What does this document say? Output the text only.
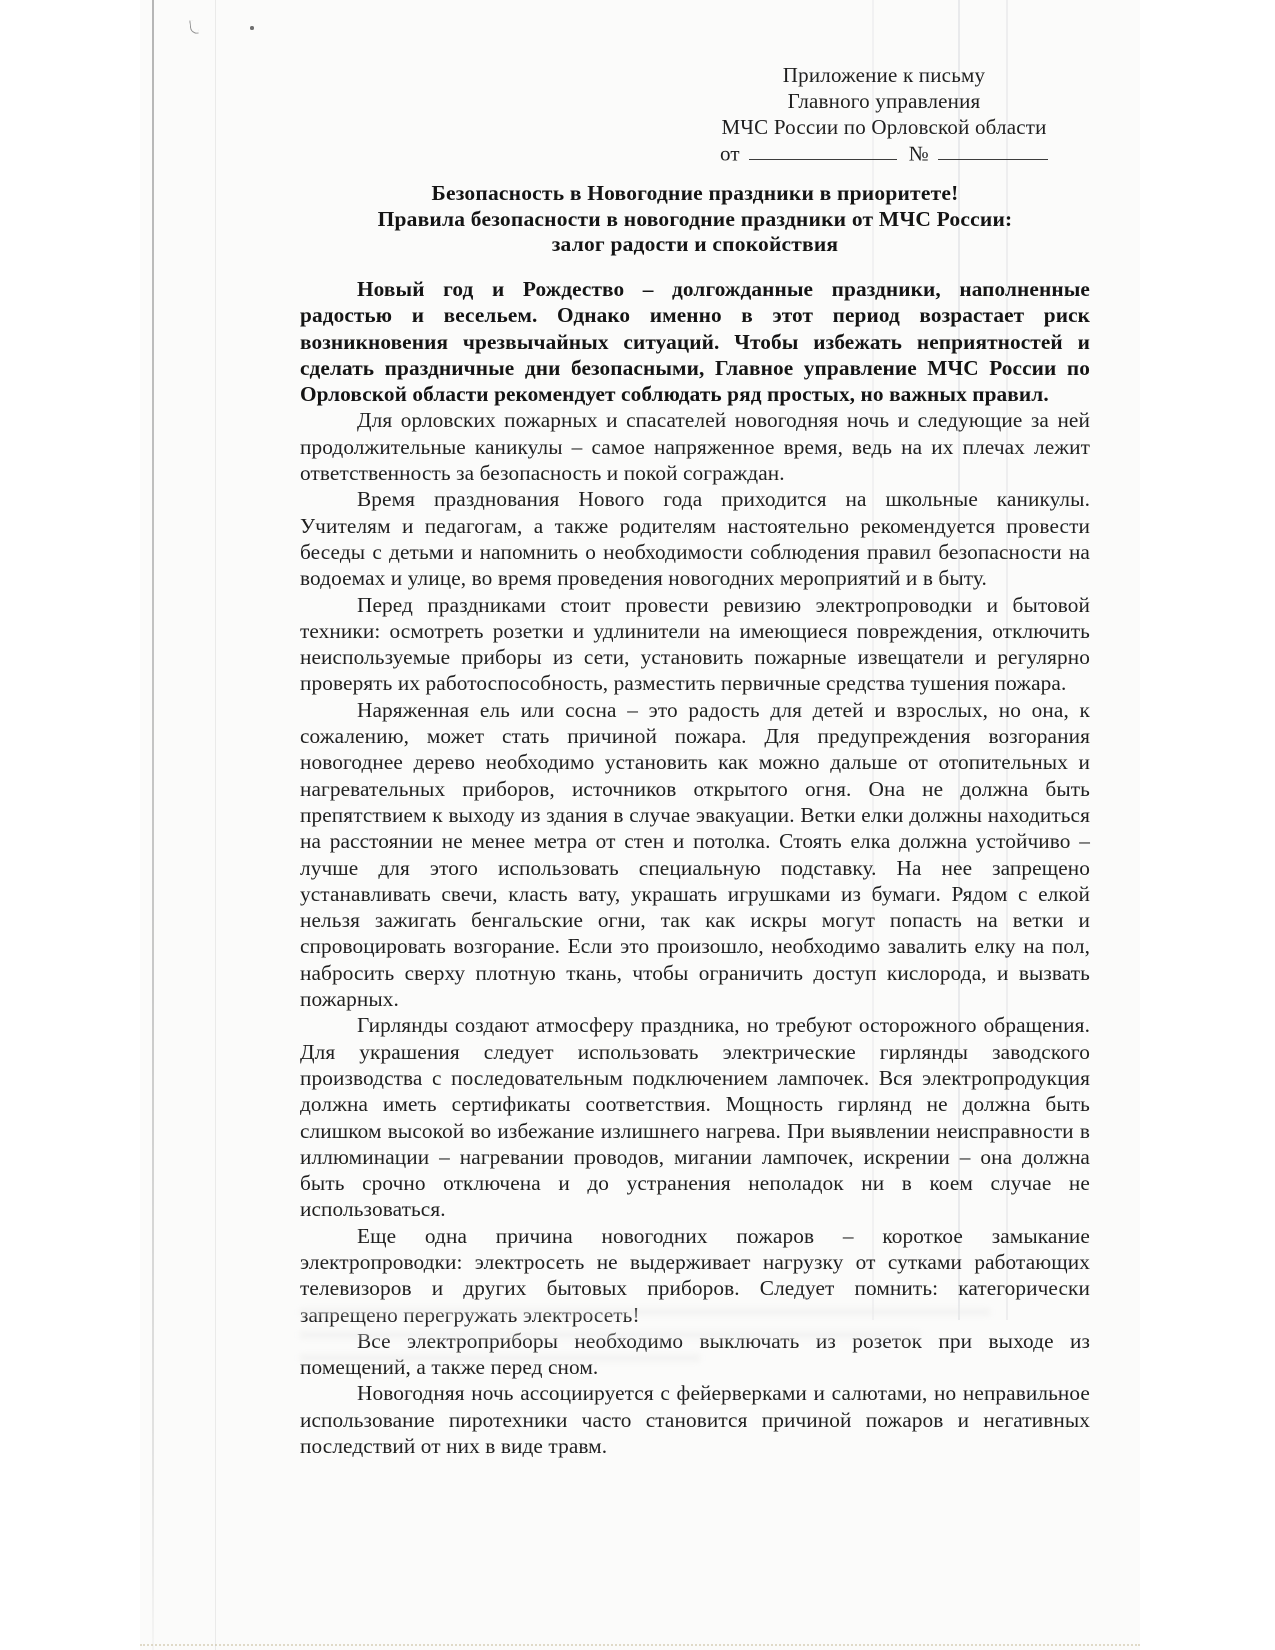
Приложение к письму
Главного управления
МЧС России по Орловской области
от	№
Безопасность в Новогодние праздники в приоритете!
Правила безопасности в новогодние праздники от МЧС России:
залог радости и спокойствия

Новый год и Рождество – долгожданные праздники, наполненные радостью и весельем. Однако именно в этот период возрастает риск возникновения чрезвычайных ситуаций. Чтобы избежать неприятностей и сделать праздничные дни безопасными, Главное управление МЧС России по Орловской области рекомендует соблюдать ряд простых, но важных правил.

Для орловских пожарных и спасателей новогодняя ночь и следующие за ней продолжительные каникулы – самое напряженное время, ведь на их плечах лежит ответственность за безопасность и покой сограждан.

Время празднования Нового года приходится на школьные каникулы. Учителям и педагогам, а также родителям настоятельно рекомендуется провести беседы с детьми и напомнить о необходимости соблюдения правил безопасности на водоемах и улице, во время проведения новогодних мероприятий и в быту.

Перед праздниками стоит провести ревизию электропроводки и бытовой техники: осмотреть розетки и удлинители на имеющиеся повреждения, отключить неиспользуемые приборы из сети, установить пожарные извещатели и регулярно проверять их работоспособность, разместить первичные средства тушения пожара.

Наряженная ель или сосна – это радость для детей и взрослых, но она, к сожалению, может стать причиной пожара. Для предупреждения возгорания новогоднее дерево необходимо установить как можно дальше от отопительных и нагревательных приборов, источников открытого огня. Она не должна быть препятствием к выходу из здания в случае эвакуации. Ветки елки должны находиться на расстоянии не менее метра от стен и потолка. Стоять елка должна устойчиво – лучше для этого использовать специальную подставку. На нее запрещено устанавливать свечи, класть вату, украшать игрушками из бумаги. Рядом с елкой нельзя зажигать бенгальские огни, так как искры могут попасть на ветки и спровоцировать возгорание. Если это произошло, необходимо завалить елку на пол, набросить сверху плотную ткань, чтобы ограничить доступ кислорода, и вызвать пожарных.

Гирлянды создают атмосферу праздника, но требуют осторожного обращения. Для украшения следует использовать электрические гирлянды заводского производства с последовательным подключением лампочек. Вся электропродукция должна иметь сертификаты соответствия. Мощность гирлянд не должна быть слишком высокой во избежание излишнего нагрева. При выявлении неисправности в иллюминации – нагревании проводов, мигании лампочек, искрении – она должна быть срочно отключена и до устранения неполадок ни в коем случае не использоваться.

Еще одна причина новогодних пожаров – короткое замыкание электропроводки: электросеть не выдерживает нагрузку от сутками работающих телевизоров и других бытовых приборов. Следует помнить: категорически запрещено перегружать электросеть!

Все электроприборы необходимо выключать из розеток при выходе из помещений, а также перед сном.

Новогодняя ночь ассоциируется с фейерверками и салютами, но неправильное использование пиротехники часто становится причиной пожаров и негативных последствий от них в виде травм.
